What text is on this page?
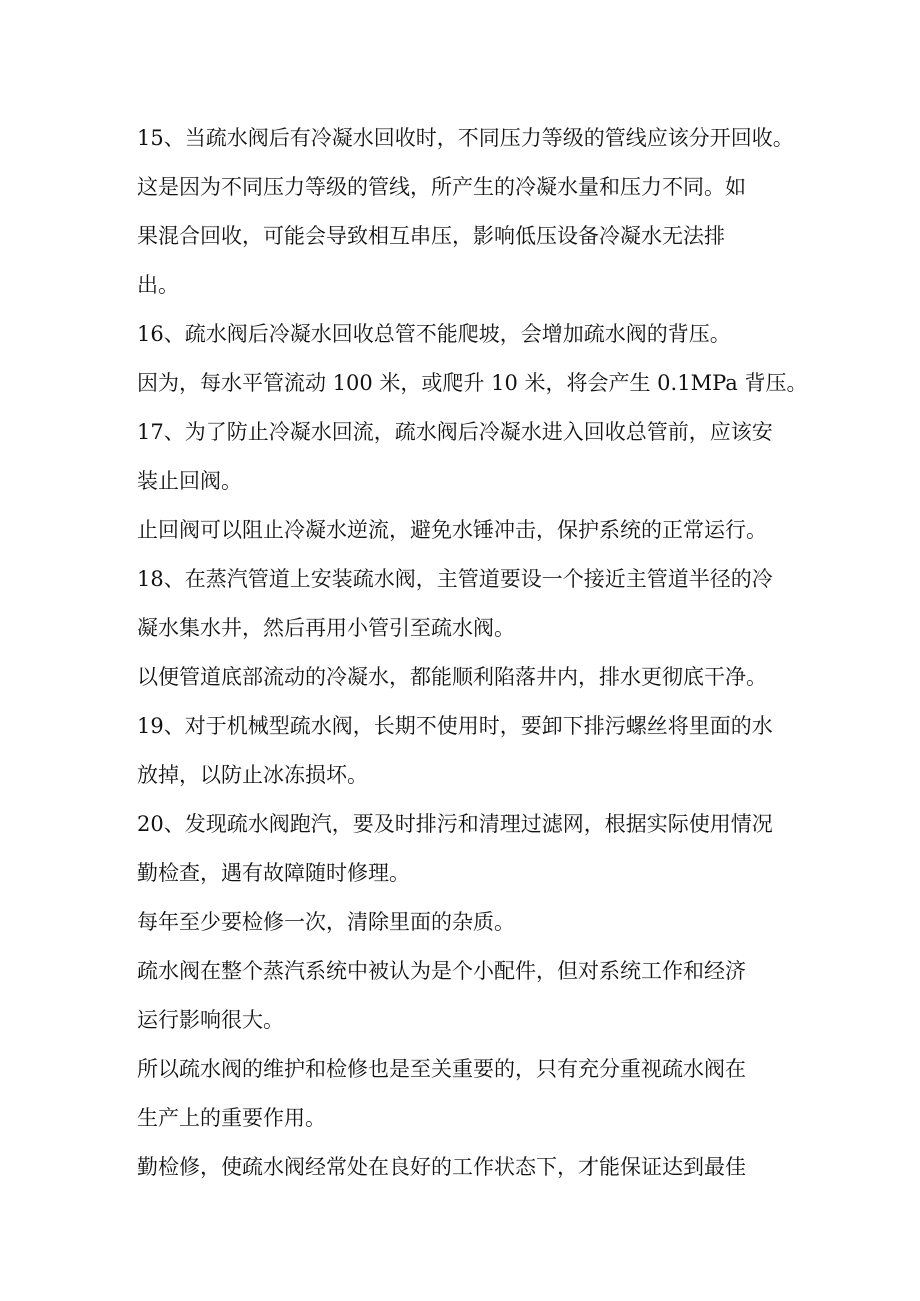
15、当疏水阀后有冷凝水回收时，不同压力等级的管线应该分开回收。
这是因为不同压力等级的管线，所产生的冷凝水量和压力不同。如
果混合回收，可能会导致相互串压，影响低压设备冷凝水无法排
出。
16、疏水阀后冷凝水回收总管不能爬坡，会增加疏水阀的背压。
因为，每水平管流动 100 米，或爬升 10 米，将会产生 0.1MPa 背压。
17、为了防止冷凝水回流，疏水阀后冷凝水进入回收总管前，应该安
装止回阀。
止回阀可以阻止冷凝水逆流，避免水锤冲击，保护系统的正常运行。
18、在蒸汽管道上安装疏水阀，主管道要设一个接近主管道半径的冷
凝水集水井，然后再用小管引至疏水阀。
以便管道底部流动的冷凝水，都能顺利陷落井内，排水更彻底干净。
19、对于机械型疏水阀，长期不使用时，要卸下排污螺丝将里面的水
放掉，以防止冰冻损坏。
20、发现疏水阀跑汽，要及时排污和清理过滤网，根据实际使用情况
勤检查，遇有故障随时修理。
每年至少要检修一次，清除里面的杂质。
疏水阀在整个蒸汽系统中被认为是个小配件，但对系统工作和经济
运行影响很大。
所以疏水阀的维护和检修也是至关重要的，只有充分重视疏水阀在
生产上的重要作用。
勤检修，使疏水阀经常处在良好的工作状态下，才能保证达到最佳
